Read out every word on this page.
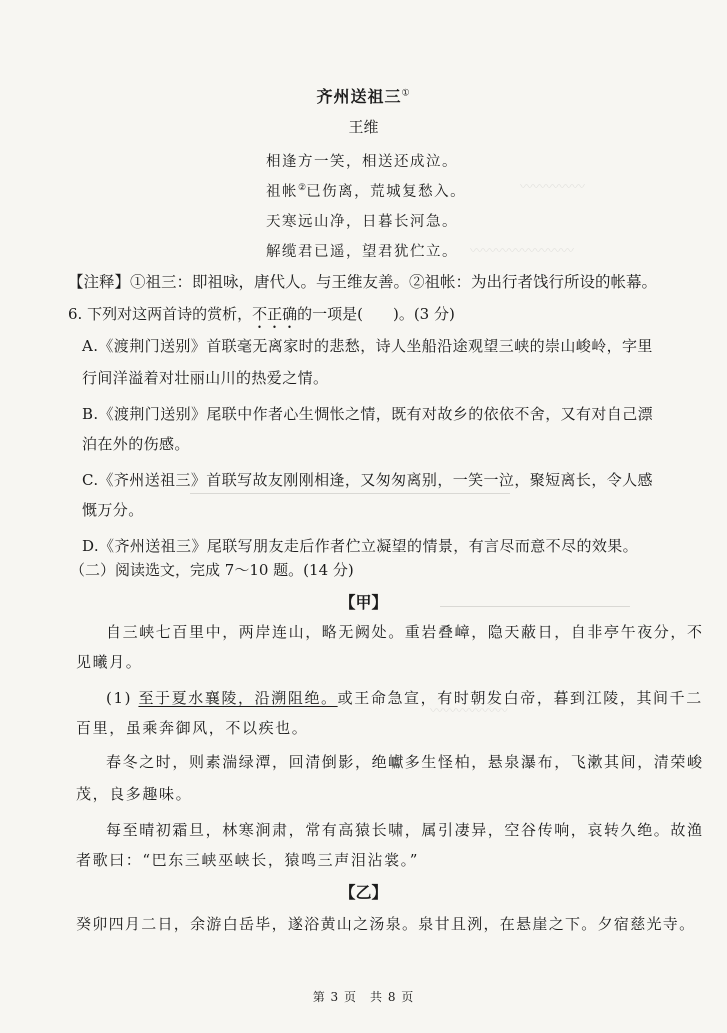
〰〰〰〰〰
〰〰〰〰〰〰〰〰
〰〰〰〰〰〰
齐州送祖三①
王维
相逢方一笑，相送还成泣。
祖帐②已伤离，荒城复愁入。
天寒远山净，日暮长河急。
解缆君已遥，望君犹伫立。
【注释】①祖三：即祖咏，唐代人。与王维友善。②祖帐：为出行者饯行所设的帐幕。
6. 下列对这两首诗的赏析，不正确的一项是(　　)。(3 分)
A.《渡荆门送别》首联毫无离家时的悲愁，诗人坐船沿途观望三峡的崇山峻岭，字里
行间洋溢着对壮丽山川的热爱之情。
B.《渡荆门送别》尾联中作者心生惆怅之情，既有对故乡的依依不舍，又有对自己漂
泊在外的伤感。
C.《齐州送祖三》首联写故友刚刚相逢，又匆匆离别，一笑一泣，聚短离长，令人感
慨万分。
D.《齐州送祖三》尾联写朋友走后作者伫立凝望的情景，有言尽而意不尽的效果。
（二）阅读选文，完成 7～10 题。(14 分)
【甲】
自三峡七百里中，两岸连山，略无阙处。重岩叠嶂，隐天蔽日，自非亭午夜分，不
见曦月。
(1) 至于夏水襄陵，沿溯阻绝。或王命急宣，有时朝发白帝，暮到江陵，其间千二
百里，虽乘奔御风，不以疾也。
春冬之时，则素湍绿潭，回清倒影，绝巘多生怪柏，悬泉瀑布，飞漱其间，清荣峻
茂，良多趣味。
每至晴初霜旦，林寒涧肃，常有高猿长啸，属引凄异，空谷传响，哀转久绝。故渔
者歌曰：“巴东三峡巫峡长，猿鸣三声泪沾裳。”
【乙】
癸卯四月二日，余游白岳毕，遂浴黄山之汤泉。泉甘且洌，在悬崖之下。夕宿慈光寺。
第 3 页　共 8 页
